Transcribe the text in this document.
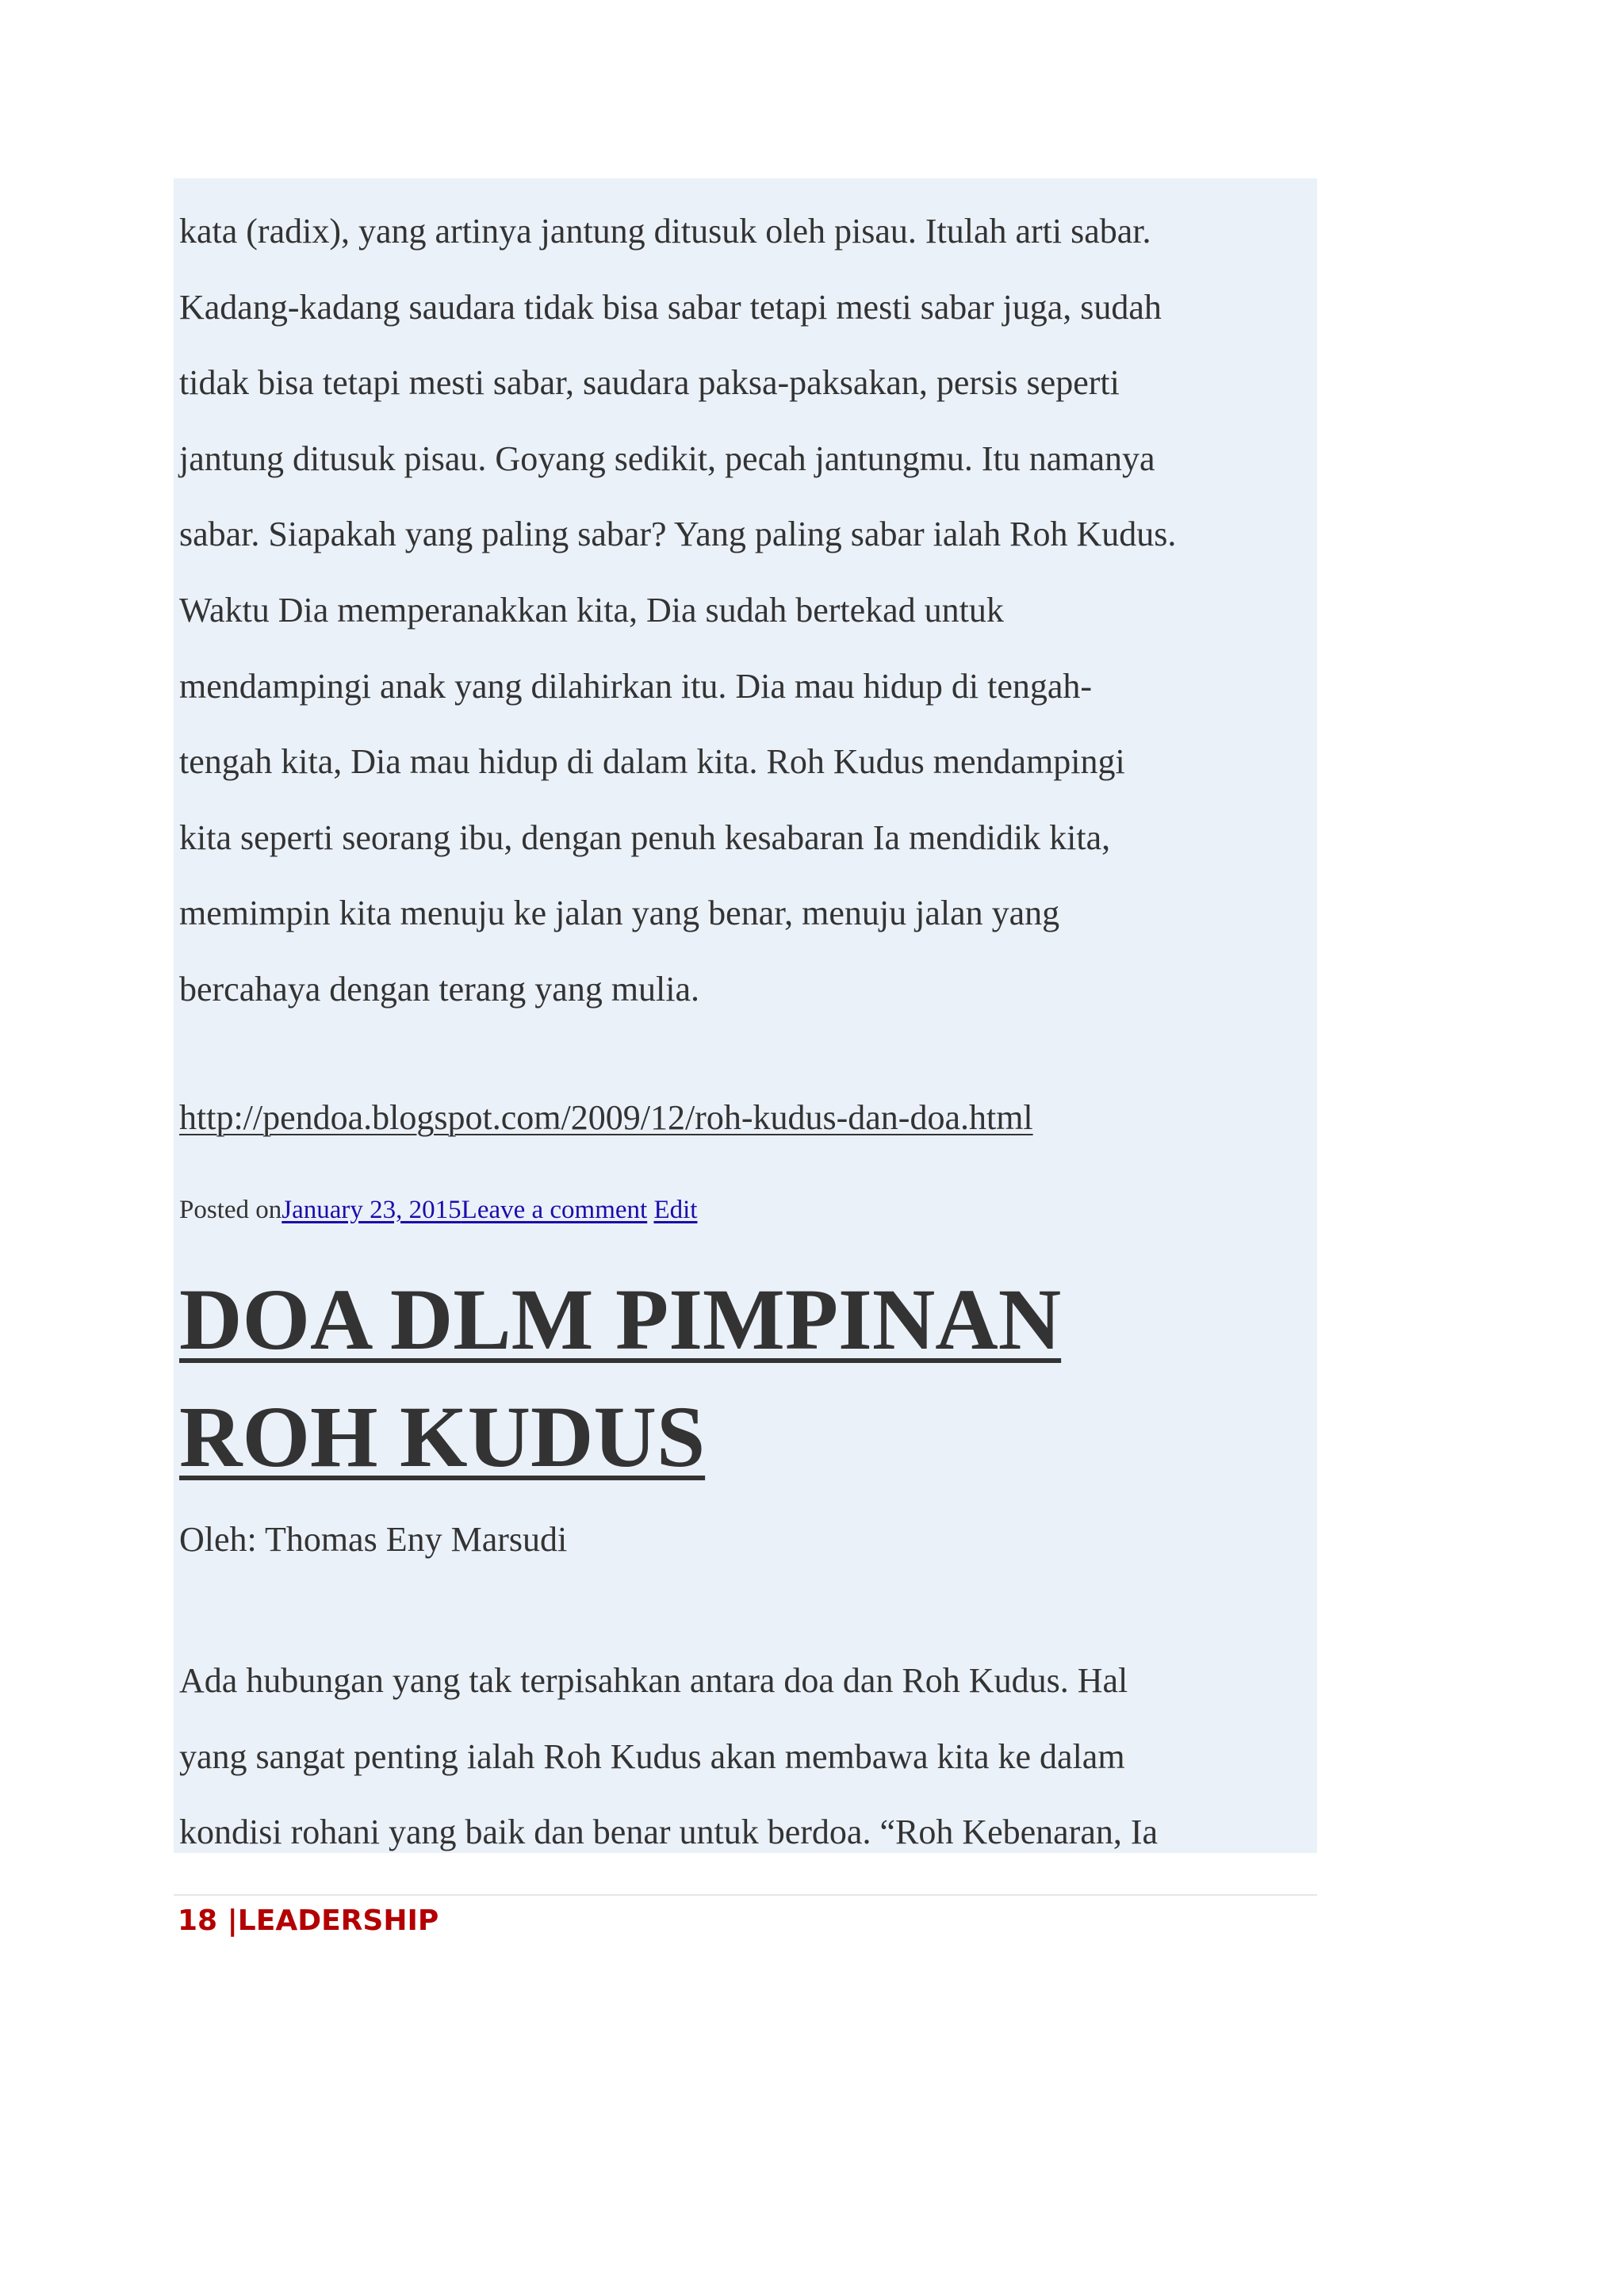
kata (radix), yang artinya jantung ditusuk oleh pisau. Itulah arti sabar.
Kadang-kadang saudara tidak bisa sabar tetapi mesti sabar juga, sudah
tidak bisa tetapi mesti sabar, saudara paksa-paksakan, persis seperti
jantung ditusuk pisau. Goyang sedikit, pecah jantungmu. Itu namanya
sabar. Siapakah yang paling sabar? Yang paling sabar ialah Roh Kudus.
Waktu Dia memperanakkan kita, Dia sudah bertekad untuk
mendampingi anak yang dilahirkan itu. Dia mau hidup di tengah-
tengah kita, Dia mau hidup di dalam kita. Roh Kudus mendampingi
kita seperti seorang ibu, dengan penuh kesabaran Ia mendidik kita,
memimpin kita menuju ke jalan yang benar, menuju jalan yang
bercahaya dengan terang yang mulia.

http://pendoa.blogspot.com/2009/12/roh-kudus-dan-doa.html

Posted onJanuary 23, 2015Leave a comment Edit

DOA DLM PIMPINAN
ROH KUDUS

Oleh: Thomas Eny Marsudi

Ada hubungan yang tak terpisahkan antara doa dan Roh Kudus. Hal
yang sangat penting ialah Roh Kudus akan membawa kita ke dalam
kondisi rohani yang baik dan benar untuk berdoa. “Roh Kebenaran, Ia

18 |LEADERSHIP
